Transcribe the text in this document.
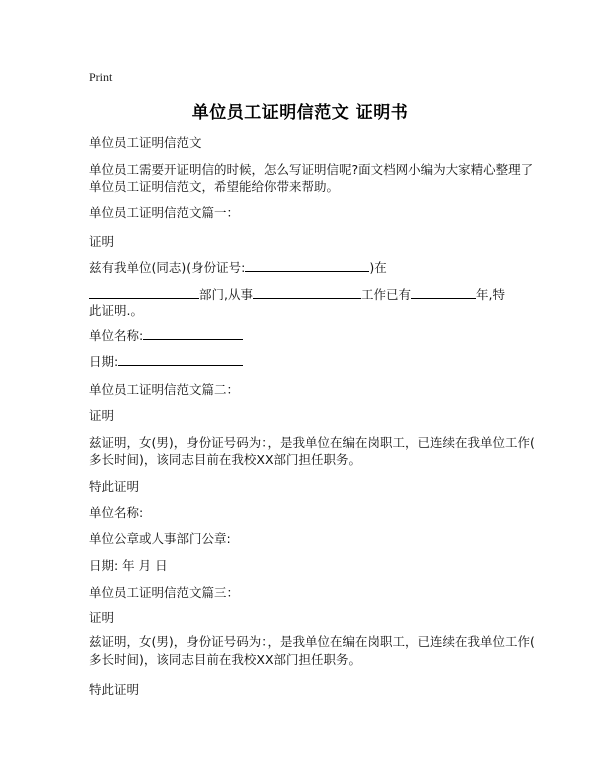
Print
单位员工证明信范文 证明书
单位员工证明信范文
单位员工需要开证明信的时候，怎么写证明信呢?面文档网小编为大家精心整理了
单位员工证明信范文，希望能给你带来帮助。
单位员工证明信范文篇一：
证明
兹有我单位(同志)(身份证号:	)在
部门,从事	工作已有	年,特
此证明.。
单位名称:
日期:
单位员工证明信范文篇二：
证明
兹证明，女(男)，身份证号码为：，是我单位在编在岗职工，已连续在我单位工作(
多长时间)，该同志目前在我校XX部门担任职务。
特此证明
单位名称:
单位公章或人事部门公章:
日期: 年 月 日
单位员工证明信范文篇三：
证明
兹证明，女(男)，身份证号码为：，是我单位在编在岗职工，已连续在我单位工作(
多长时间)，该同志目前在我校XX部门担任职务。
特此证明
